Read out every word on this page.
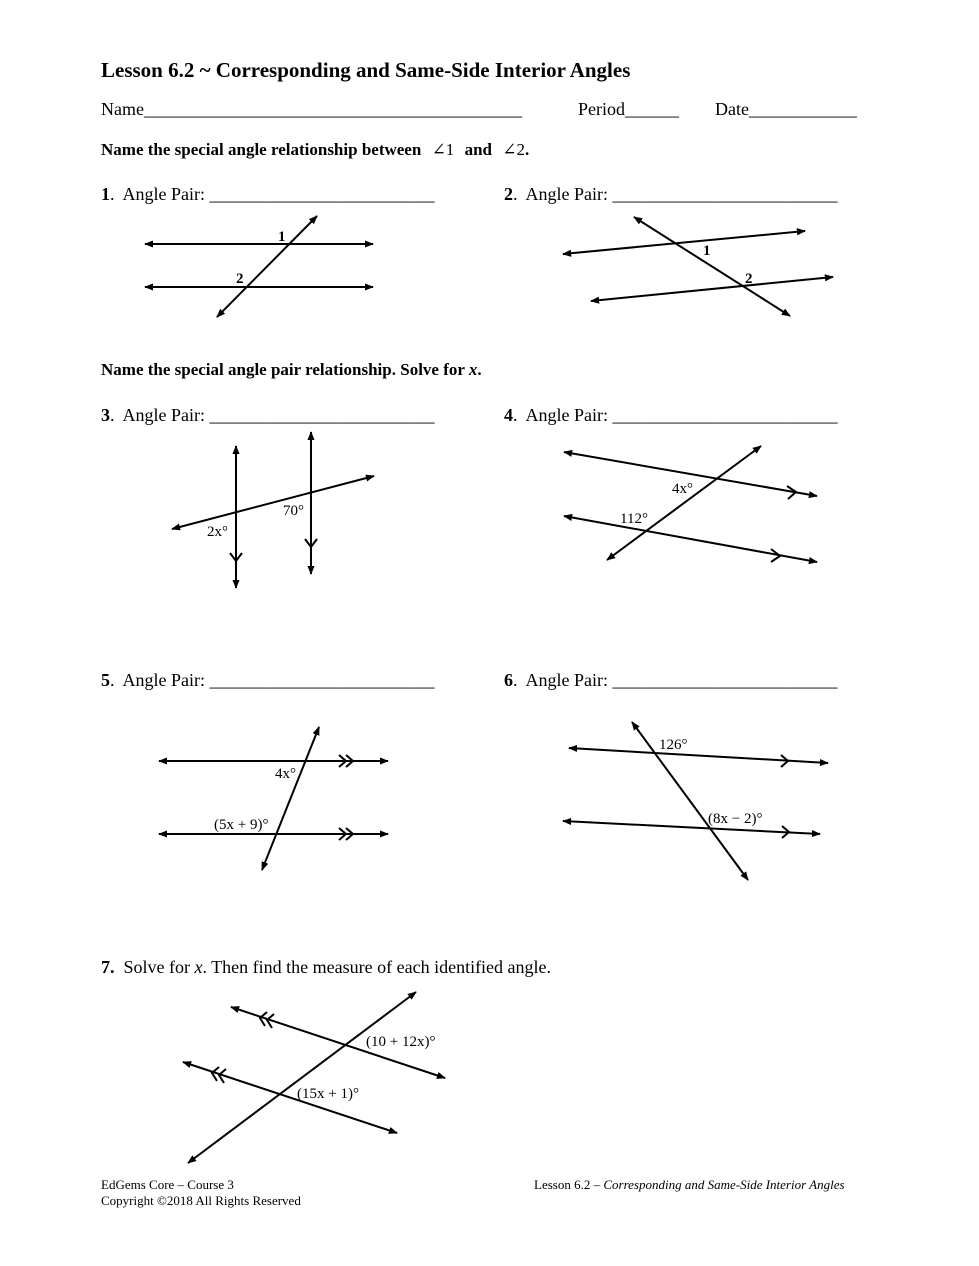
Lesson 6.2 ~ Corresponding and Same-Side Interior Angles
Name__________________________________________	Period______ Date____________
Name the special angle relationship between ∠1 and ∠2.
1. Angle Pair: _________________________	2. Angle Pair: _________________________
Name the special angle pair relationship. Solve for x.
3. Angle Pair: _________________________	4. Angle Pair: _________________________
5. Angle Pair: _________________________	6. Angle Pair: _________________________
7. Solve for x. Then find the measure of each identified angle.
1
2
1
2
70°
2x°
4x°
112°
4x°
(5x + 9)°
126°
(8x − 2)°
(10 + 12x)°
(15x + 1)°
EdGems Core – Course 3
Copyright ©2018 All Rights Reserved
Lesson 6.2 – Corresponding and Same-Side Interior Angles
